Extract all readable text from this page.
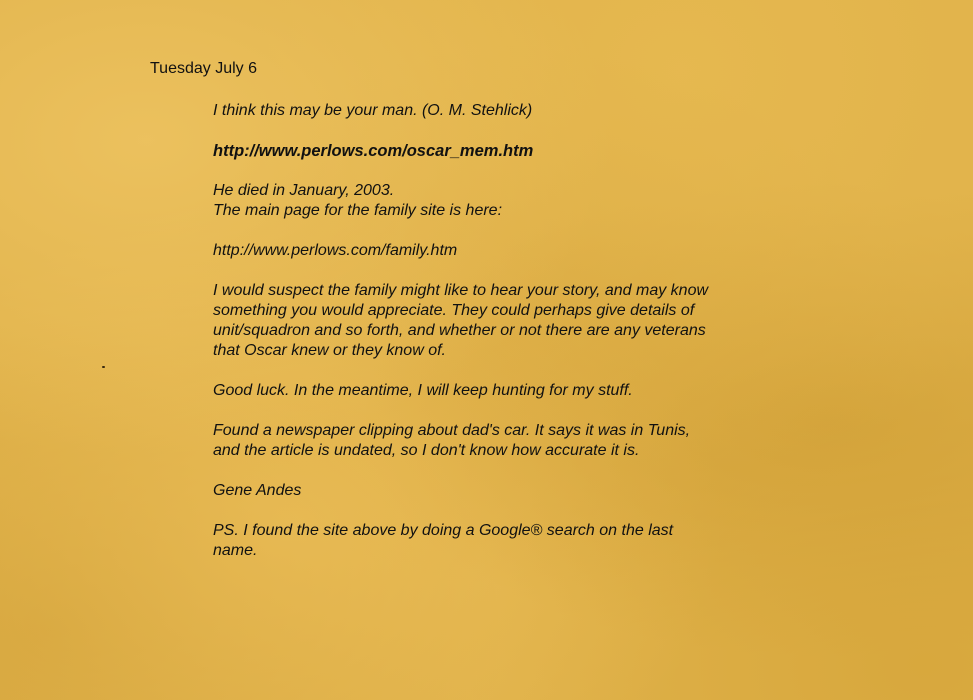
Tuesday July 6

I think this may be your man. (O. M. Stehlick)

http://www.perlows.com/oscar_mem.htm

He died in January, 2003.
The main page for the family site is here:

http://www.perlows.com/family.htm

I would suspect the family might like to hear your story, and may know
something you would appreciate. They could perhaps give details of
unit/squadron and so forth, and whether or not there are any veterans
that Oscar knew or they know of.

Good luck. In the meantime, I will keep hunting for my stuff.

Found a newspaper clipping about dad's car. It says it was in Tunis,
and the article is undated, so I don't know how accurate it is.

Gene Andes

PS. I found the site above by doing a Google® search on the last
name.
